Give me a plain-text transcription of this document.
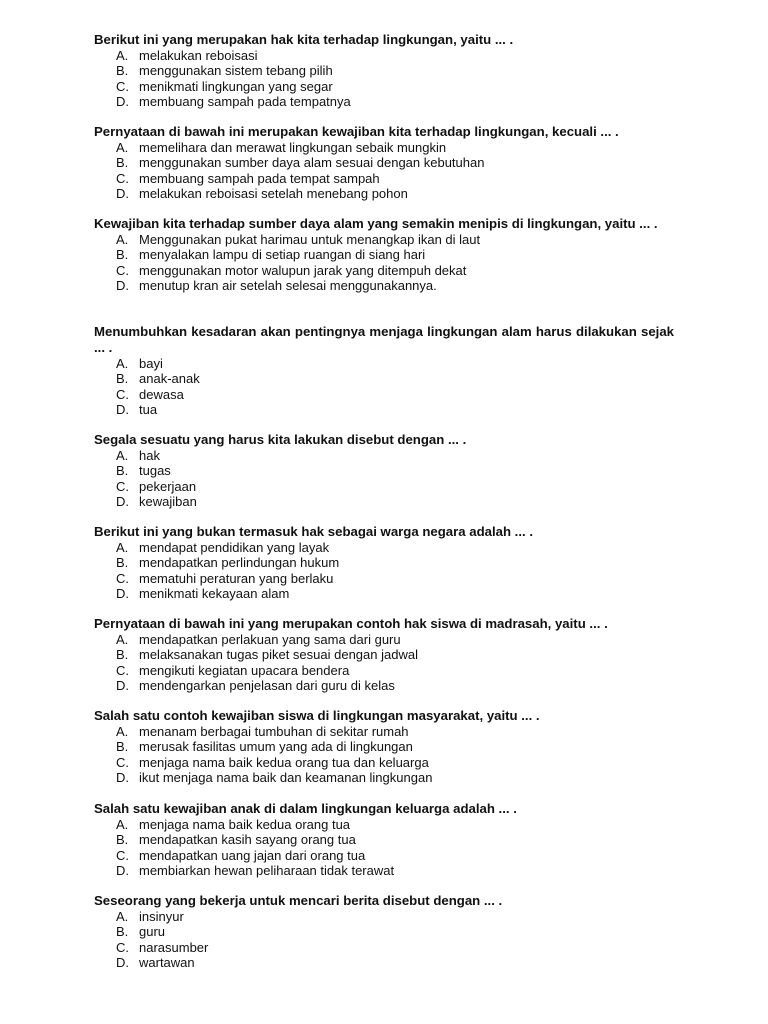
Berikut ini yang merupakan hak kita terhadap lingkungan, yaitu ... .

A. melakukan reboisasi
B. menggunakan sistem tebang pilih
C. menikmati lingkungan yang segar
D. membuang sampah pada tempatnya

Pernyataan di bawah ini merupakan kewajiban kita terhadap lingkungan, kecuali ... .

A. memelihara dan merawat lingkungan sebaik mungkin
B. menggunakan sumber daya alam sesuai dengan kebutuhan
C. membuang sampah pada tempat sampah
D. melakukan reboisasi setelah menebang pohon

Kewajiban kita terhadap sumber daya alam yang semakin menipis di lingkungan, yaitu ... .

A. Menggunakan pukat harimau untuk menangkap ikan di laut
B. menyalakan lampu di setiap ruangan di siang hari
C. menggunakan motor walupun jarak yang ditempuh dekat
D. menutup kran air setelah selesai menggunakannya.

Menumbuhkan kesadaran akan pentingnya menjaga lingkungan alam harus dilakukan sejak ... .

A. bayi
B. anak-anak
C. dewasa
D. tua

Segala sesuatu yang harus kita lakukan disebut dengan ... .

A. hak
B. tugas
C. pekerjaan
D. kewajiban

Berikut ini yang bukan termasuk hak sebagai warga negara adalah ... .

A. mendapat pendidikan yang layak
B. mendapatkan perlindungan hukum
C. mematuhi peraturan yang berlaku
D. menikmati kekayaan alam

Pernyataan di bawah ini yang merupakan contoh hak siswa di madrasah, yaitu ... .

A. mendapatkan perlakuan yang sama dari guru
B. melaksanakan tugas piket sesuai dengan jadwal
C. mengikuti kegiatan upacara bendera
D. mendengarkan penjelasan dari guru di kelas

Salah satu contoh kewajiban siswa di lingkungan masyarakat, yaitu ... .

A. menanam berbagai tumbuhan di sekitar rumah
B. merusak fasilitas umum yang ada di lingkungan
C. menjaga nama baik kedua orang tua dan keluarga
D. ikut menjaga nama baik dan keamanan lingkungan

Salah satu kewajiban anak di dalam lingkungan keluarga adalah ... .

A. menjaga nama baik kedua orang tua
B. mendapatkan kasih sayang orang tua
C. mendapatkan uang jajan dari orang tua
D. membiarkan hewan peliharaan tidak terawat

Seseorang yang bekerja untuk mencari berita disebut dengan ... .

A. insinyur
B. guru
C. narasumber
D. wartawan
